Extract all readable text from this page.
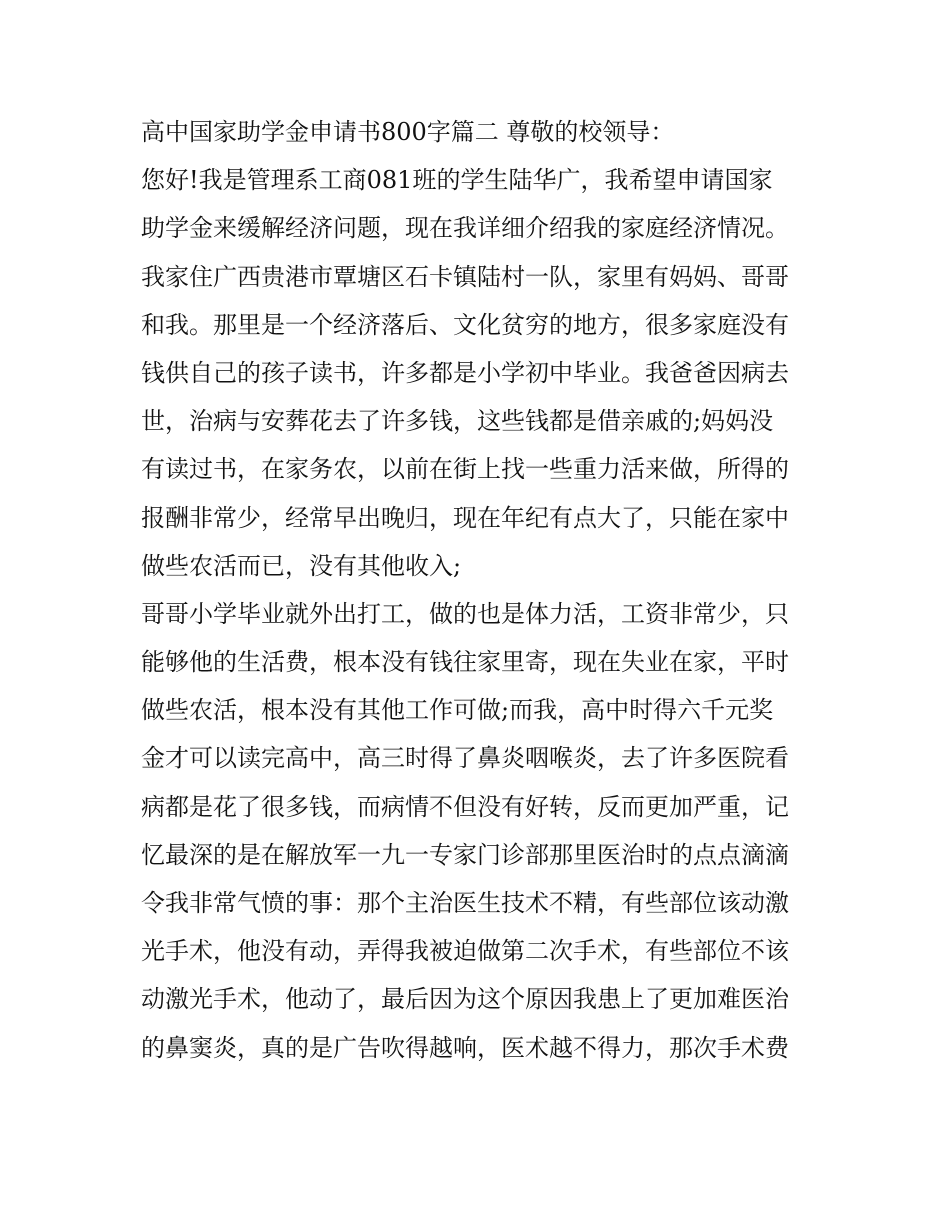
高中国家助学金申请书800字篇二 尊敬的校领导：
您好!我是管理系工商081班的学生陆华广，我希望申请国家
助学金来缓解经济问题，现在我详细介绍我的家庭经济情况。
我家住广西贵港市覃塘区石卡镇陆村一队，家里有妈妈、哥哥
和我。那里是一个经济落后、文化贫穷的地方，很多家庭没有
钱供自己的孩子读书，许多都是小学初中毕业。我爸爸因病去
世，治病与安葬花去了许多钱，这些钱都是借亲戚的;妈妈没
有读过书，在家务农，以前在街上找一些重力活来做，所得的
报酬非常少，经常早出晚归，现在年纪有点大了，只能在家中
做些农活而已，没有其他收入;
哥哥小学毕业就外出打工，做的也是体力活，工资非常少，只
能够他的生活费，根本没有钱往家里寄，现在失业在家，平时
做些农活，根本没有其他工作可做;而我，高中时得六千元奖
金才可以读完高中，高三时得了鼻炎咽喉炎，去了许多医院看
病都是花了很多钱，而病情不但没有好转，反而更加严重，记
忆最深的是在解放军一九一专家门诊部那里医治时的点点滴滴
令我非常气愤的事：那个主治医生技术不精，有些部位该动激
光手术，他没有动，弄得我被迫做第二次手术，有些部位不该
动激光手术，他动了，最后因为这个原因我患上了更加难医治
的鼻窦炎，真的是广告吹得越响，医术越不得力，那次手术费
